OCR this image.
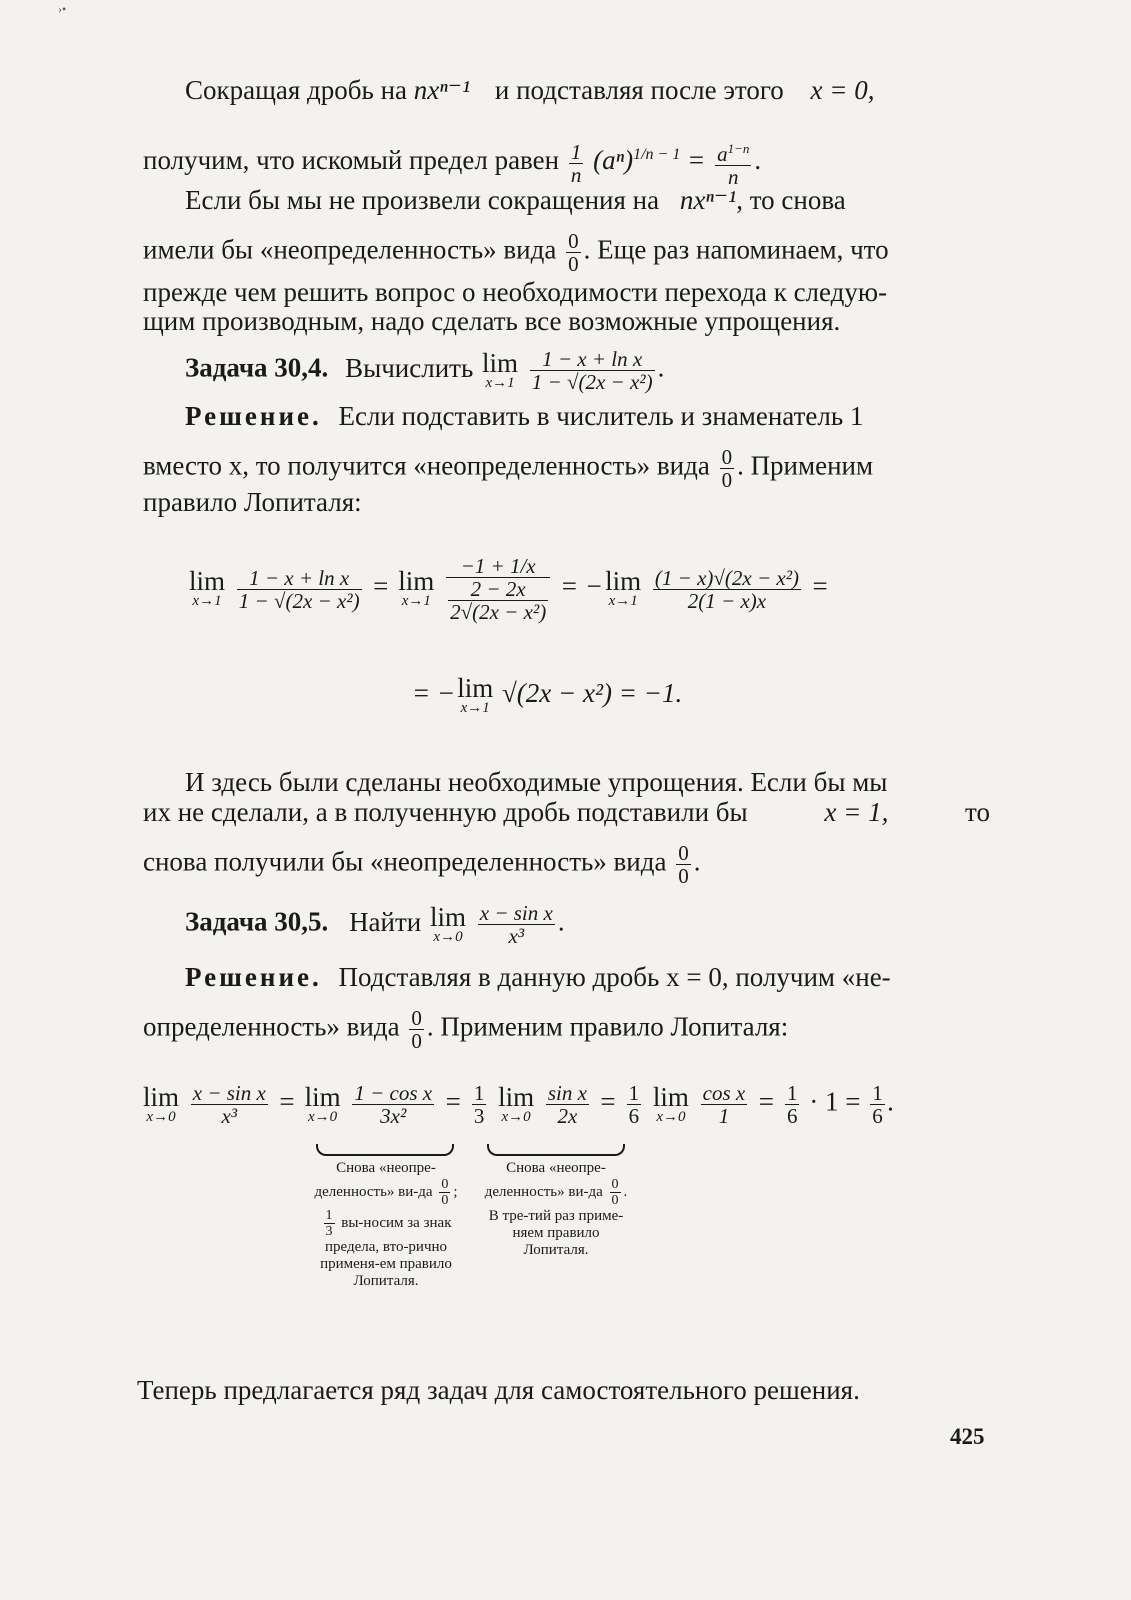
›•
Сокращая дробь на nxⁿ⁻¹ и подставляя после этого x = 0,
получим, что искомый предел равен $\frac{1}{n} (a^n)^{1/n - 1} = \frac{a^{1-n}}{n}$ .
Если бы мы не произвели сокращения на nxⁿ⁻¹, то снова
имели бы «неопределенность» вида $\frac{0}{0}$ . Еще раз напоминаем, что
прежде чем решить вопрос о необходимости перехода к следую-
щим производным, надо сделать все возможные упрощения.
Задача 30,4. Вычислить lim
x→1
$\frac{\text{1 − x + ln x}}{\text{1 − √(2x − x²)}}$ .
Решение. Если подставить в числитель и знаменатель 1
вместо x, то получится «неопределенность» вида $\frac{0}{0}$ . Применим
правило Лопиталя:
lim
x→1
$\frac{\text{1 − x + ln x}}{\text{1 − √(2x − x²)}} = \lim$
x→1
$\frac{-1 + 1/x}{\frac{2 - 2x}{\text{2√(2x − x²)}}} = -\lim$
x→1
$\frac{\text{(1 − x)√(2x − x²)}}{2(1 - x)x}$ =
= −lim
x→1 √(2x − x²) = −1.
И здесь были сделаны необходимые упрощения. Если бы мы
их не сделали, а в полученную дробь подставили бы	x = 1,	то
снова получили бы «неопределенность» вида $\frac{0}{0}$ .
Задача 30,5. Найти lim
x→0
$\frac{\text{x − sin x}}{\text{x³}}$ .
Решение. Подставляя в данную дробь x = 0, получим «не-
определенность» вида $\frac{0}{0}$ . Применим правило Лопиталя:
lim
x→0
$\frac{\text{x − sin x}}{\text{x³}} = \lim$
x→0
$\frac{\text{1 − cos x}}{\text{3x²}} = \frac{1}{3}$ lim
x→0
$\frac{\text{sin x}}{2x} = \frac{1}{6}$ lim
x→0
$\frac{\text{cos x}}{1} = \frac{1}{6} \cdot 1 = \frac{1}{6}$ .
Снова «неопре-деленность» $ви-да \frac{0}{0}$ ;
$\frac{1}{3}$ вы-носим за знак предела, вто-рично применя-ем правило Лопиталя.
Снова «неопре-деленность» $ви-да \frac{0}{0}$ . В тре-тий раз приме-няем правило Лопиталя.
Теперь предлагается ряд задач для самостоятельного решения.
425
